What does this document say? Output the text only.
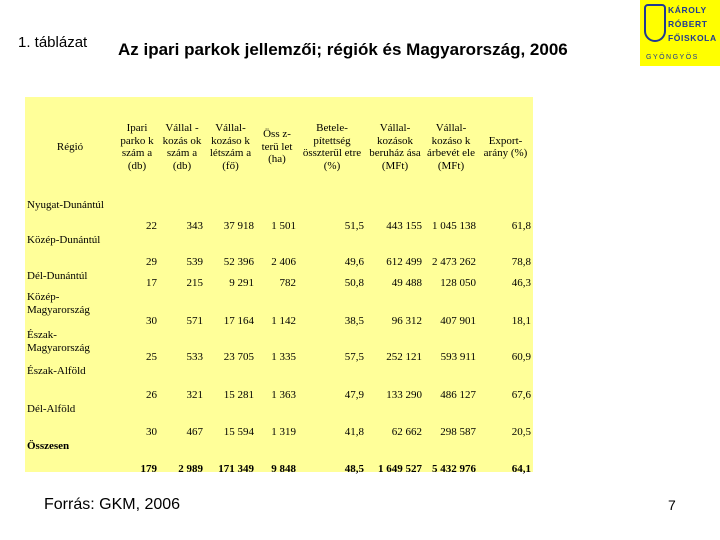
1. táblázat Az ipari parkok jellemzői; régiók és Magyarország, 2006
KÁROLY
RÓBERT
FŐISKOLA
GYÖNGYÖS
Régió	Ipari parko k szám a (db)	Vállal - kozás ok szám a (db)	Vállal- kozáso k létszám a (fő)	Öss z- terü let (ha)	Betele- pítettség összterül etre (%)	Vállal- kozások beruház ása (MFt)	Vállal- kozáso k árbevét ele (MFt)	Export- arány (%)
Nyugat-Dunántúl	22	343	37 918	1 501	51,5	443 155	1 045 138	61,8
Közép-Dunántúl	29	539	52 396	2 406	49,6	612 499	2 473 262	78,8
Dél-Dunántúl	17	215	9 291	782	50,8	49 488	128 050	46,3
Közép-Magyarország	30	571	17 164	1 142	38,5	96 312	407 901	18,1
Észak-Magyarország	25	533	23 705	1 335	57,5	252 121	593 911	60,9
Észak-Alföld	26	321	15 281	1 363	47,9	133 290	486 127	67,6
Dél-Alföld	30	467	15 594	1 319	41,8	62 662	298 587	20,5
Összesen	179	2 989	171 349	9 848	48,5	1 649 527	5 432 976	64,1
Forrás: GKM, 2006	7
